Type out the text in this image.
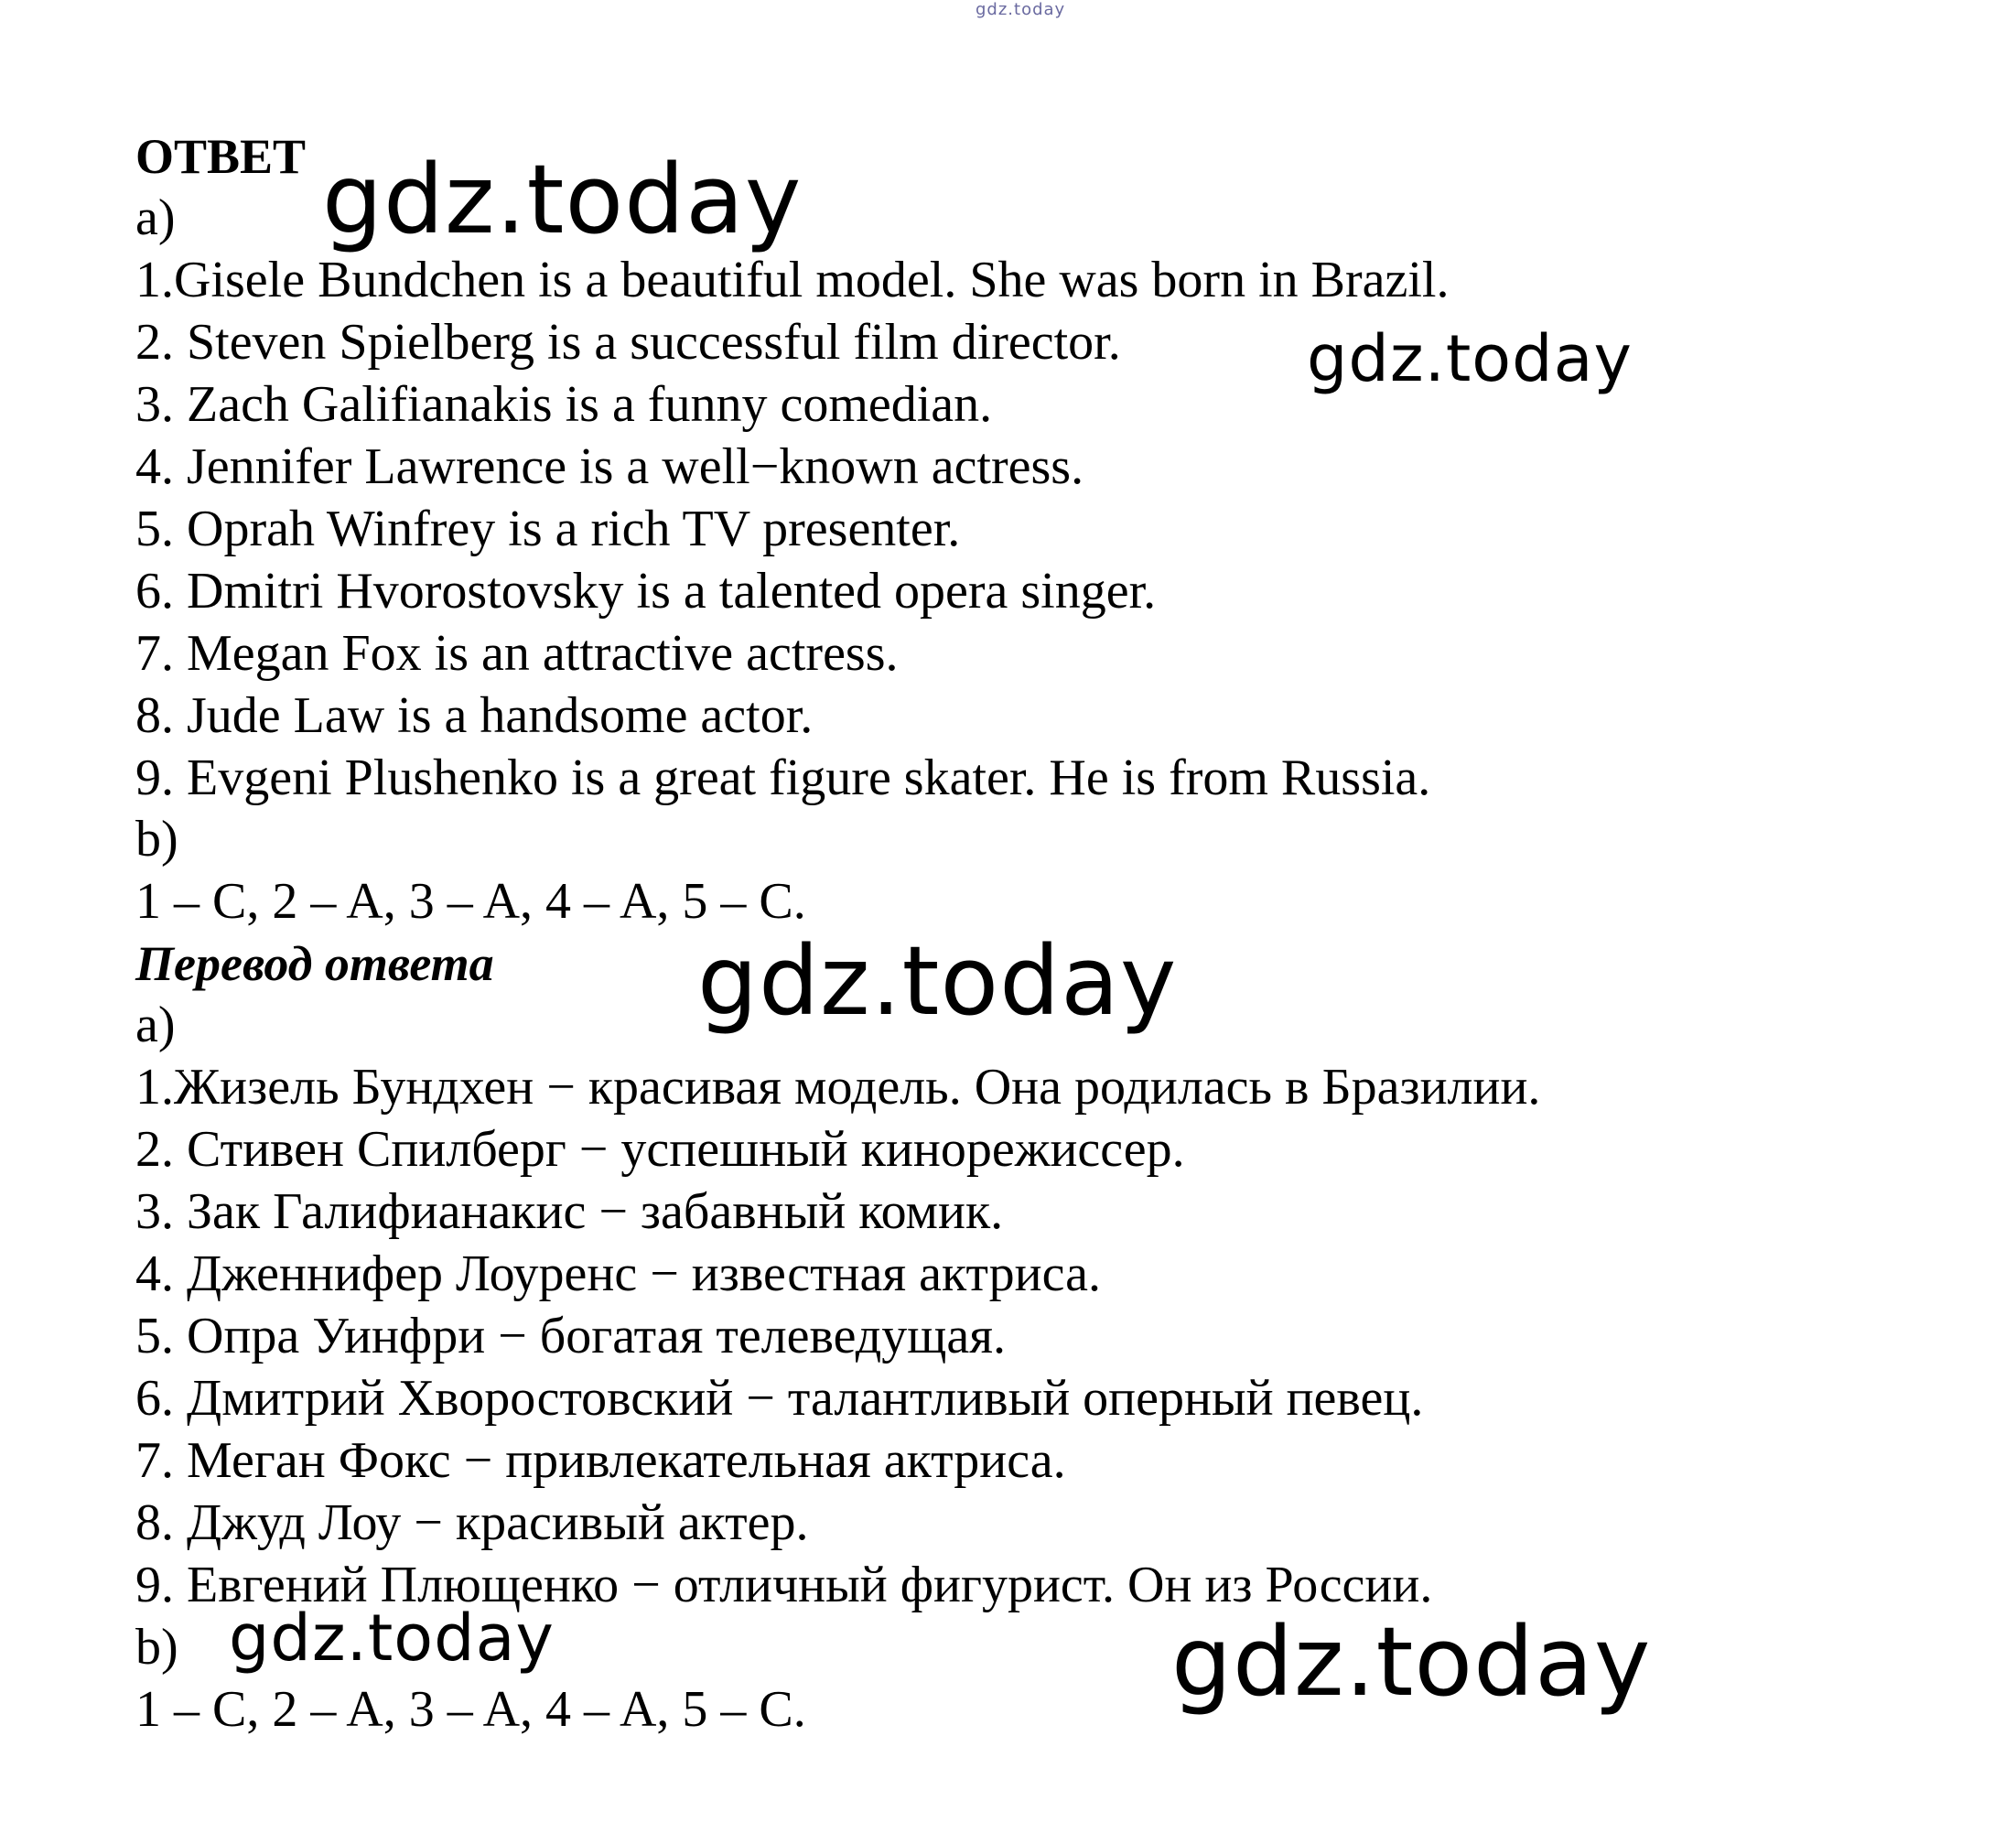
gdz.today
ОТВЕТ
a)
1.Gisele Bundchen is a beautiful model. She was born in Brazil.
2. Steven Spielberg is a successful film director.
3. Zach Galifianakis is a funny comedian.
4. Jennifer Lawrence is a well−known actress.
5. Oprah Winfrey is a rich TV presenter.
6. Dmitri Hvorostovsky is a talented opera singer.
7. Megan Fox is an attractive actress.
8. Jude Law is a handsome actor.
9. Evgeni Plushenko is a great figure skater. He is from Russia.
b)
1 – C, 2 – A, 3 – A, 4 – A, 5 – C.
Перевод ответа
a)
1.Жизель Бундхен − красивая модель. Она родилась в Бразилии.
2. Стивен Спилберг − успешный кинорежиссер.
3. Зак Галифианакис − забавный комик.
4. Дженнифер Лоуренс − известная актриса.
5. Опра Уинфри − богатая телеведущая.
6. Дмитрий Хворостовский − талантливый оперный певец.
7. Меган Фокс − привлекательная актриса.
8. Джуд Лоу − красивый актер.
9. Евгений Плющенко − отличный фигурист. Он из России.
b)
1 – C, 2 – A, 3 – A, 4 – A, 5 – C.
gdz.today
gdz.today
gdz.today
gdz.today	gdz.today
